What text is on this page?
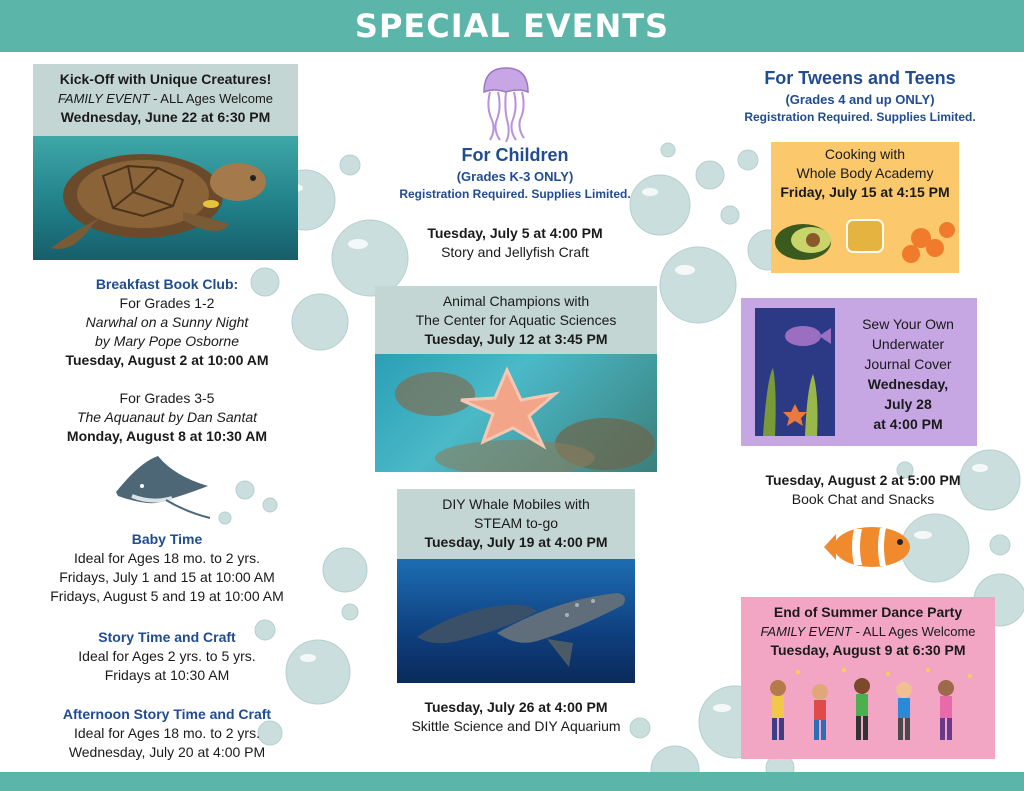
SPECIAL EVENTS
Kick-Off with Unique Creatures!
FAMILY EVENT - ALL Ages Welcome
Wednesday, June 22 at 6:30 PM
Breakfast Book Club:
For Grades 1-2
Narwhal on a Sunny Night
by Mary Pope Osborne
Tuesday, August 2 at 10:00 AM
For Grades 3-5
The Aquanaut by Dan Santat
Monday, August 8 at 10:30 AM
Baby Time
Ideal for Ages 18 mo. to 2 yrs.
Fridays, July 1 and 15 at 10:00 AM
Fridays, August 5 and 19 at 10:00 AM
Story Time and Craft
Ideal for Ages 2 yrs. to 5 yrs.
Fridays at 10:30 AM
Afternoon Story Time and Craft
Ideal for Ages 18 mo. to 2 yrs.
Wednesday, July 20 at 4:00 PM
For Children
(Grades K-3 ONLY)
Registration Required. Supplies Limited.
Tuesday, July 5 at 4:00 PM
Story and Jellyfish Craft
Animal Champions with
The Center for Aquatic Sciences
Tuesday, July 12 at 3:45 PM
DIY Whale Mobiles with
STEAM to-go
Tuesday, July 19 at 4:00 PM
Tuesday, July 26 at 4:00 PM
Skittle Science and DIY Aquarium
For Tweens and Teens
(Grades 4 and up ONLY)
Registration Required. Supplies Limited.
Cooking with
Whole Body Academy
Friday, July 15 at 4:15 PM
Sew Your Own
Underwater
Journal Cover
Wednesday,
July 28
at 4:00 PM
Tuesday, August 2 at 5:00 PM
Book Chat and Snacks
End of Summer Dance Party
FAMILY EVENT - ALL Ages Welcome
Tuesday, August 9 at 6:30 PM
